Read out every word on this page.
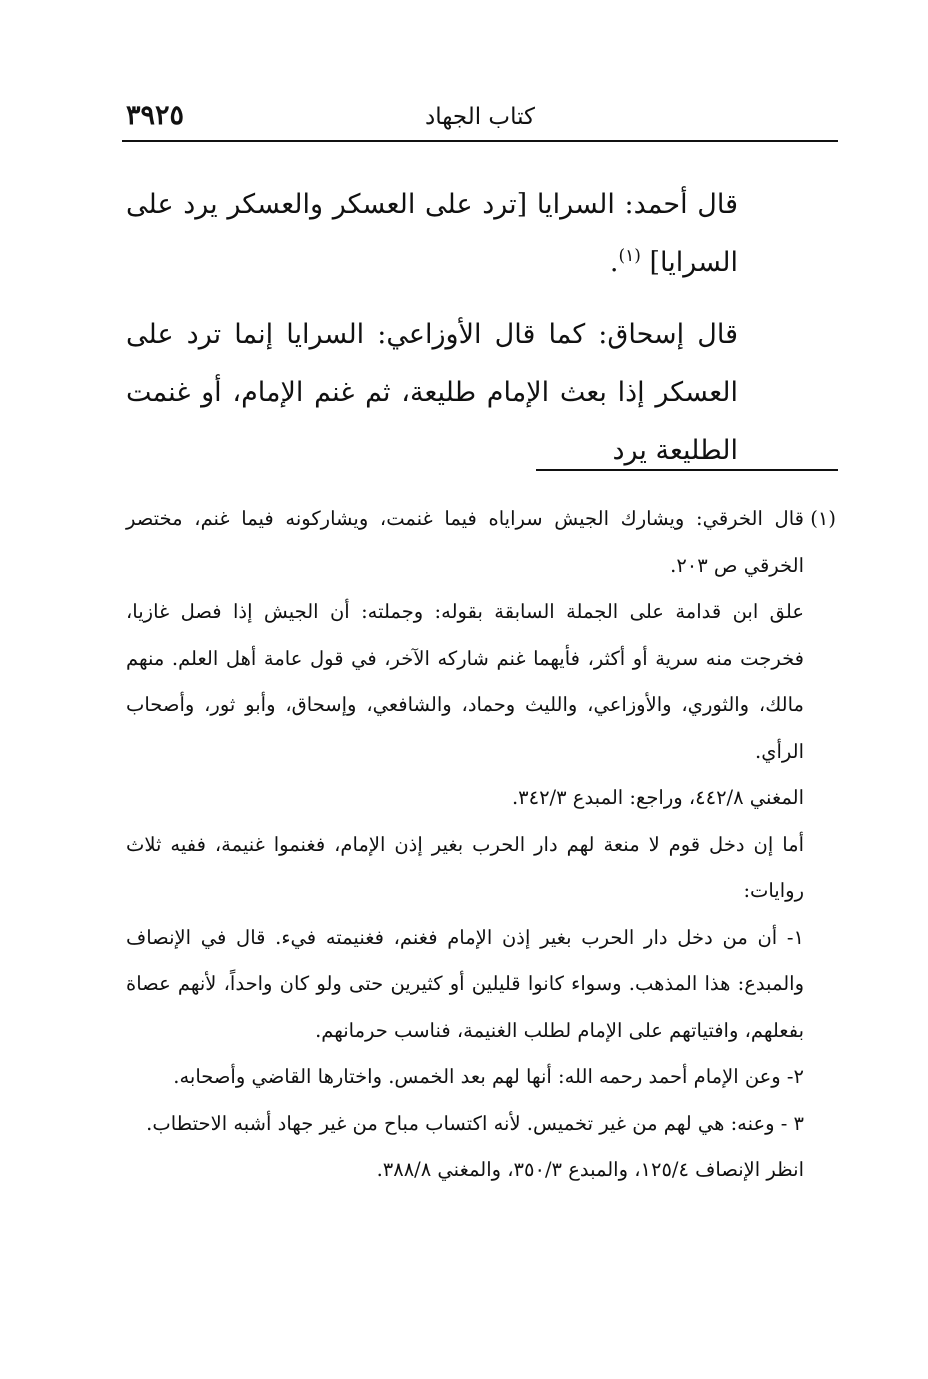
٣٩٢٥	كتاب الجهاد

قال أحمد: السرايا [ترد على العسكر والعسكر يرد على السرايا] $^{(١)}$.

قال إسحاق: كما قال الأوزاعي: السرايا إنما ترد على العسكر إذا بعث الإمام طليعة، ثم غنم الإمام، أو غنمت الطليعة يرد

(١)
قال الخرقي: ويشارك الجيش سراياه فيما غنمت، ويشاركونه فيما غنم، مختصر الخرقي ص ٢٠٣.

علق ابن قدامة على الجملة السابقة بقوله: وجملته: أن الجيش إذا فصل غازيا، فخرجت منه سرية أو أكثر، فأيهما غنم شاركه الآخر، في قول عامة أهل العلم. منهم مالك، والثوري، والأوزاعي، والليث وحماد، والشافعي، وإسحاق، وأبو ثور، وأصحاب الرأي.

المغني ٤٤٢/٨، وراجع: المبدع ٣٤٢/٣.

أما إن دخل قوم لا منعة لهم دار الحرب بغير إذن الإمام، فغنموا غنيمة، ففيه ثلاث روايات:

١- أن من دخل دار الحرب بغير إذن الإمام فغنم، فغنيمته فيء. قال في الإنصاف والمبدع: هذا المذهب. وسواء كانوا قليلين أو كثيرين حتى ولو كان واحداً، لأنهم عصاة بفعلهم، وافتياتهم على الإمام لطلب الغنيمة، فناسب حرمانهم.

٢- وعن الإمام أحمد رحمه الله: أنها لهم بعد الخمس. واختارها القاضي وأصحابه.

٣ - وعنه: هي لهم من غير تخميس. لأنه اكتساب مباح من غير جهاد أشبه الاحتطاب.

انظر الإنصاف ١٢٥/٤، والمبدع ٣٥٠/٣، والمغني ٣٨٨/٨.
